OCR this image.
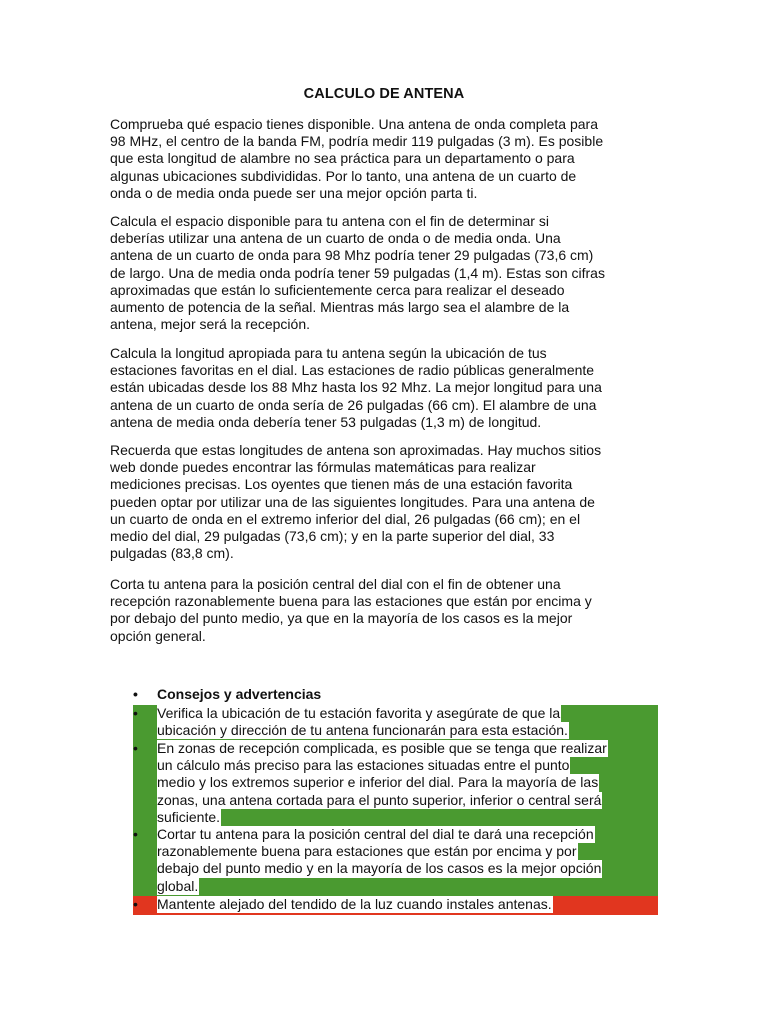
CALCULO DE ANTENA

Comprueba qué espacio tienes disponible. Una antena de onda completa para
98 MHz, el centro de la banda FM, podría medir 119 pulgadas (3 m). Es posible
que esta longitud de alambre no sea práctica para un departamento o para
algunas ubicaciones subdivididas. Por lo tanto, una antena de un cuarto de
onda o de media onda puede ser una mejor opción parta ti.

Calcula el espacio disponible para tu antena con el fin de determinar si
deberías utilizar una antena de un cuarto de onda o de media onda. Una
antena de un cuarto de onda para 98 Mhz podría tener 29 pulgadas (73,6 cm)
de largo. Una de media onda podría tener 59 pulgadas (1,4 m). Estas son cifras
aproximadas que están lo suficientemente cerca para realizar el deseado
aumento de potencia de la señal. Mientras más largo sea el alambre de la
antena, mejor será la recepción.

Calcula la longitud apropiada para tu antena según la ubicación de tus
estaciones favoritas en el dial. Las estaciones de radio públicas generalmente
están ubicadas desde los 88 Mhz hasta los 92 Mhz. La mejor longitud para una
antena de un cuarto de onda sería de 26 pulgadas (66 cm). El alambre de una
antena de media onda debería tener 53 pulgadas (1,3 m) de longitud.

Recuerda que estas longitudes de antena son aproximadas. Hay muchos sitios
web donde puedes encontrar las fórmulas matemáticas para realizar
mediciones precisas. Los oyentes que tienen más de una estación favorita
pueden optar por utilizar una de las siguientes longitudes. Para una antena de
un cuarto de onda en el extremo inferior del dial, 26 pulgadas (66 cm); en el
medio del dial, 29 pulgadas (73,6 cm); y en la parte superior del dial, 33
pulgadas (83,8 cm).

Corta tu antena para la posición central del dial con el fin de obtener una
recepción razonablemente buena para las estaciones que están por encima y
por debajo del punto medio, ya que en la mayoría de los casos es la mejor
opción general.

•	Consejos y advertencias
•	Verifica la ubicación de tu estación favorita y asegúrate de que la
ubicación y dirección de tu antena funcionarán para esta estación.
•	En zonas de recepción complicada, es posible que se tenga que realizar
un cálculo más preciso para las estaciones situadas entre el punto
medio y los extremos superior e inferior del dial. Para la mayoría de las
zonas, una antena cortada para el punto superior, inferior o central será
suficiente.
•	Cortar tu antena para la posición central del dial te dará una recepción
razonablemente buena para estaciones que están por encima y por
debajo del punto medio y en la mayoría de los casos es la mejor opción
global.
•	Mantente alejado del tendido de la luz cuando instales antenas.
